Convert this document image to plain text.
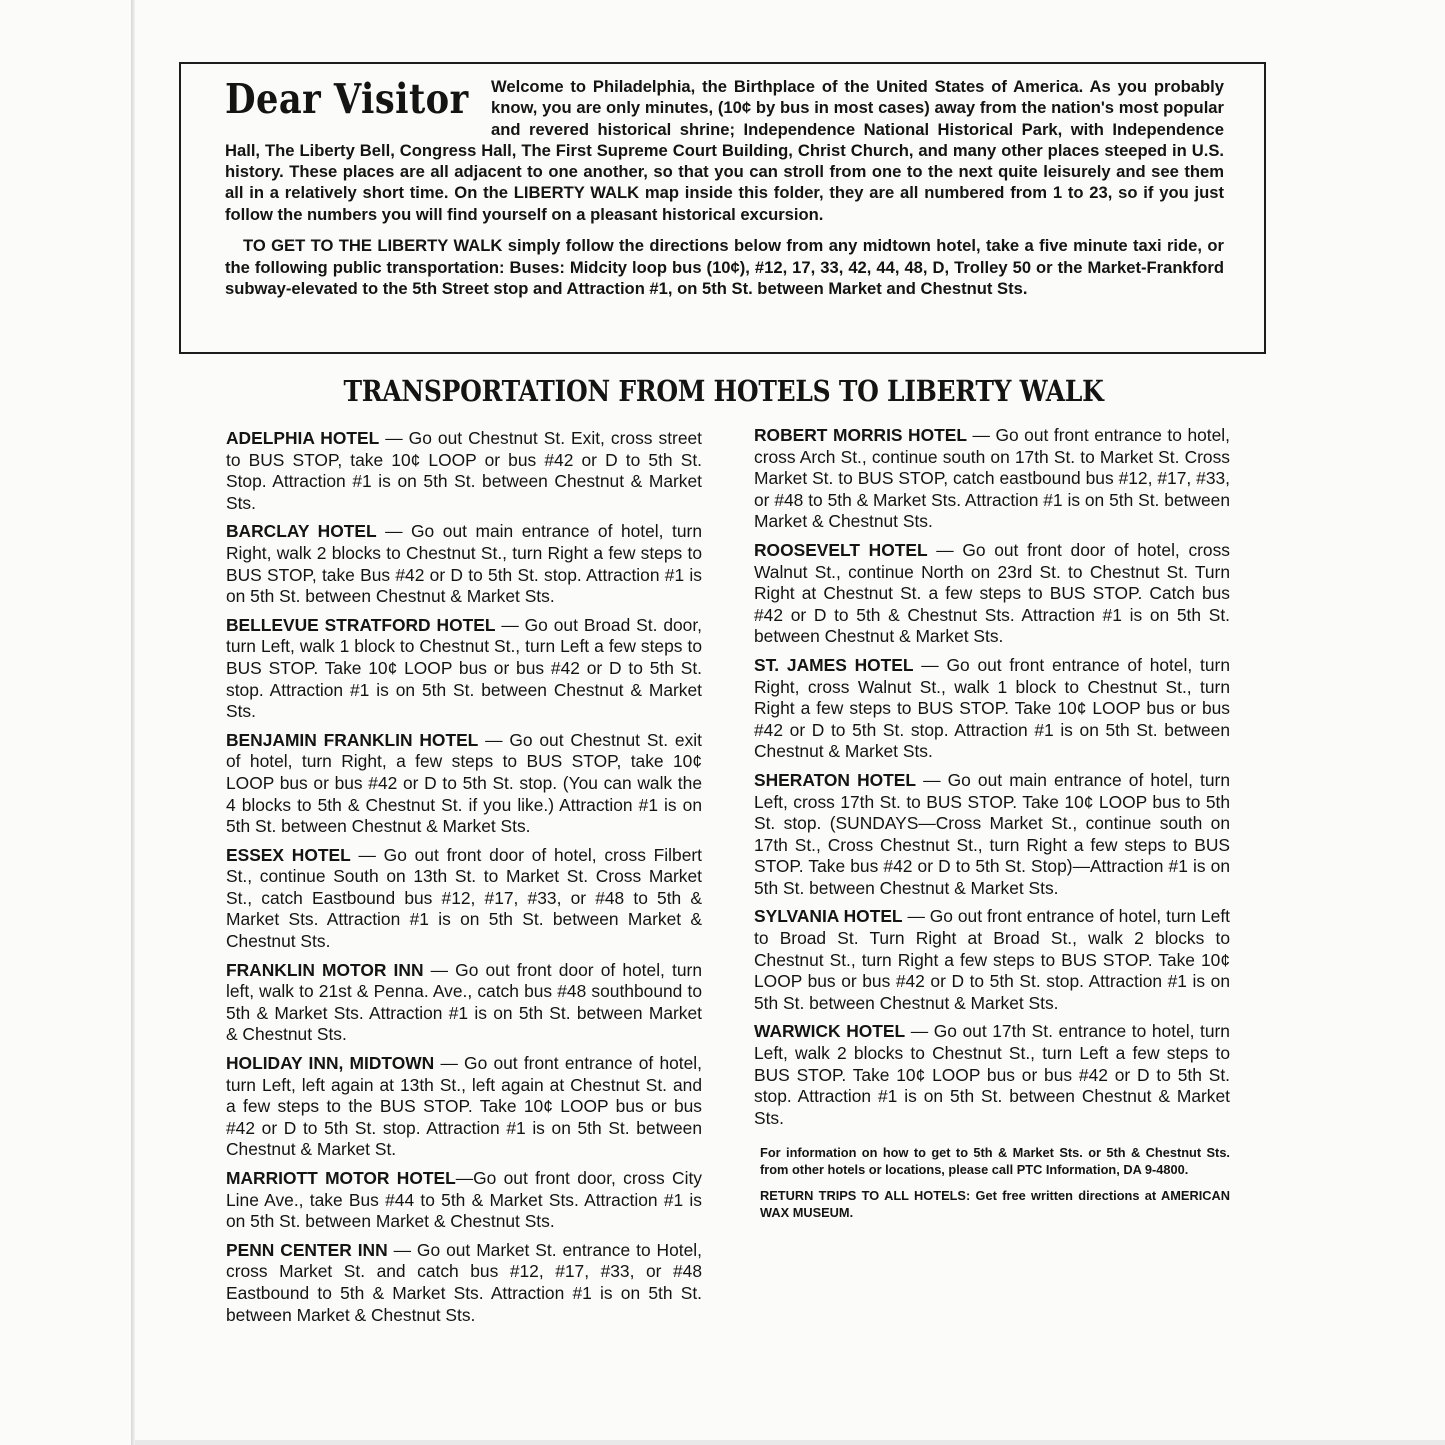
Dear Visitor Welcome to Philadelphia, the Birthplace of the United States of America. As you probably know, you are only minutes, (10¢ by bus in most cases) away from the nation's most popular and revered historical shrine; Independence National Historical Park, with Independence Hall, The Liberty Bell, Congress Hall, The First Supreme Court Building, Christ Church, and many other places steeped in U.S. history. These places are all adjacent to one another, so that you can stroll from one to the next quite leisurely and see them all in a relatively short time. On the LIBERTY WALK map inside this folder, they are all numbered from 1 to 23, so if you just follow the numbers you will find yourself on a pleasant historical excursion.

TO GET TO THE LIBERTY WALK simply follow the directions below from any midtown hotel, take a five minute taxi ride, or the following public transportation: Buses: Midcity loop bus (10¢), #12, 17, 33, 42, 44, 48, D, Trolley 50 or the Market-Frankford subway-elevated to the 5th Street stop and Attraction #1, on 5th St. between Market and Chestnut Sts.

TRANSPORTATION FROM HOTELS TO LIBERTY WALK

ADELPHIA HOTEL — Go out Chestnut St. Exit, cross street to BUS STOP, take 10¢ LOOP or bus #42 or D to 5th St. Stop. Attraction #1 is on 5th St. between Chestnut & Market Sts.

BARCLAY HOTEL — Go out main entrance of hotel, turn Right, walk 2 blocks to Chestnut St., turn Right a few steps to BUS STOP, take Bus #42 or D to 5th St. stop. Attraction #1 is on 5th St. between Chestnut & Market Sts.

BELLEVUE STRATFORD HOTEL — Go out Broad St. door, turn Left, walk 1 block to Chestnut St., turn Left a few steps to BUS STOP. Take 10¢ LOOP bus or bus #42 or D to 5th St. stop. Attraction #1 is on 5th St. between Chestnut & Market Sts.

BENJAMIN FRANKLIN HOTEL — Go out Chestnut St. exit of hotel, turn Right, a few steps to BUS STOP, take 10¢ LOOP bus or bus #42 or D to 5th St. stop. (You can walk the 4 blocks to 5th & Chestnut St. if you like.) Attraction #1 is on 5th St. between Chestnut & Market Sts.

ESSEX HOTEL — Go out front door of hotel, cross Filbert St., continue South on 13th St. to Market St. Cross Market St., catch Eastbound bus #12, #17, #33, or #48 to 5th & Market Sts. Attraction #1 is on 5th St. between Market & Chestnut Sts.

FRANKLIN MOTOR INN — Go out front door of hotel, turn left, walk to 21st & Penna. Ave., catch bus #48 southbound to 5th & Market Sts. Attraction #1 is on 5th St. between Market & Chestnut Sts.

HOLIDAY INN, MIDTOWN — Go out front entrance of hotel, turn Left, left again at 13th St., left again at Chestnut St. and a few steps to the BUS STOP. Take 10¢ LOOP bus or bus #42 or D to 5th St. stop. Attraction #1 is on 5th St. between Chestnut & Market St.

MARRIOTT MOTOR HOTEL—Go out front door, cross City Line Ave., take Bus #44 to 5th & Market Sts. Attraction #1 is on 5th St. between Market & Chestnut Sts.

PENN CENTER INN — Go out Market St. entrance to Hotel, cross Market St. and catch bus #12, #17, #33, or #48 Eastbound to 5th & Market Sts. Attraction #1 is on 5th St. between Market & Chestnut Sts.

ROBERT MORRIS HOTEL — Go out front entrance to hotel, cross Arch St., continue south on 17th St. to Market St. Cross Market St. to BUS STOP, catch eastbound bus #12, #17, #33, or #48 to 5th & Market Sts. Attraction #1 is on 5th St. between Market & Chestnut Sts.

ROOSEVELT HOTEL — Go out front door of hotel, cross Walnut St., continue North on 23rd St. to Chestnut St. Turn Right at Chestnut St. a few steps to BUS STOP. Catch bus #42 or D to 5th & Chestnut Sts. Attraction #1 is on 5th St. between Chestnut & Market Sts.

ST. JAMES HOTEL — Go out front entrance of hotel, turn Right, cross Walnut St., walk 1 block to Chestnut St., turn Right a few steps to BUS STOP. Take 10¢ LOOP bus or bus #42 or D to 5th St. stop. Attraction #1 is on 5th St. between Chestnut & Market Sts.

SHERATON HOTEL — Go out main entrance of hotel, turn Left, cross 17th St. to BUS STOP. Take 10¢ LOOP bus to 5th St. stop. (SUNDAYS—Cross Market St., continue south on 17th St., Cross Chestnut St., turn Right a few steps to BUS STOP. Take bus #42 or D to 5th St. Stop)—Attraction #1 is on 5th St. between Chestnut & Market Sts.

SYLVANIA HOTEL — Go out front entrance of hotel, turn Left to Broad St. Turn Right at Broad St., walk 2 blocks to Chestnut St., turn Right a few steps to BUS STOP. Take 10¢ LOOP bus or bus #42 or D to 5th St. stop. Attraction #1 is on 5th St. between Chestnut & Market Sts.

WARWICK HOTEL — Go out 17th St. entrance to hotel, turn Left, walk 2 blocks to Chestnut St., turn Left a few steps to BUS STOP. Take 10¢ LOOP bus or bus #42 or D to 5th St. stop. Attraction #1 is on 5th St. between Chestnut & Market Sts.

For information on how to get to 5th & Market Sts. or 5th & Chestnut Sts. from other hotels or locations, please call PTC Information, DA 9-4800.

RETURN TRIPS TO ALL HOTELS: Get free written directions at AMERICAN WAX MUSEUM.
